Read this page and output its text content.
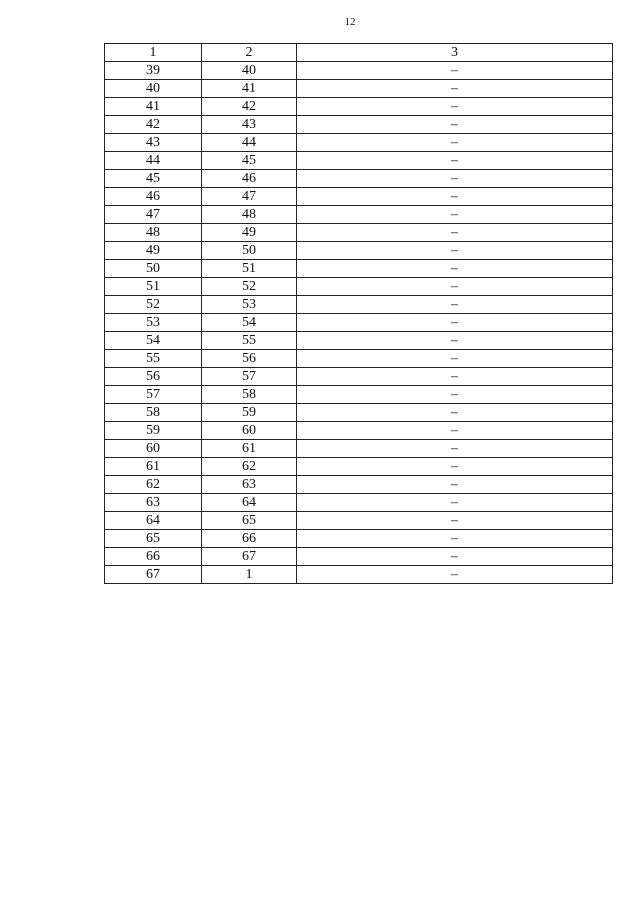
12
1	2	3
39	40	–
40	41	–
41	42	–
42	43	–
43	44	–
44	45	–
45	46	–
46	47	–
47	48	–
48	49	–
49	50	–
50	51	–
51	52	–
52	53	–
53	54	–
54	55	–
55	56	–
56	57	–
57	58	–
58	59	–
59	60	–
60	61	–
61	62	–
62	63	–
63	64	–
64	65	–
65	66	–
66	67	–
67	1	–
